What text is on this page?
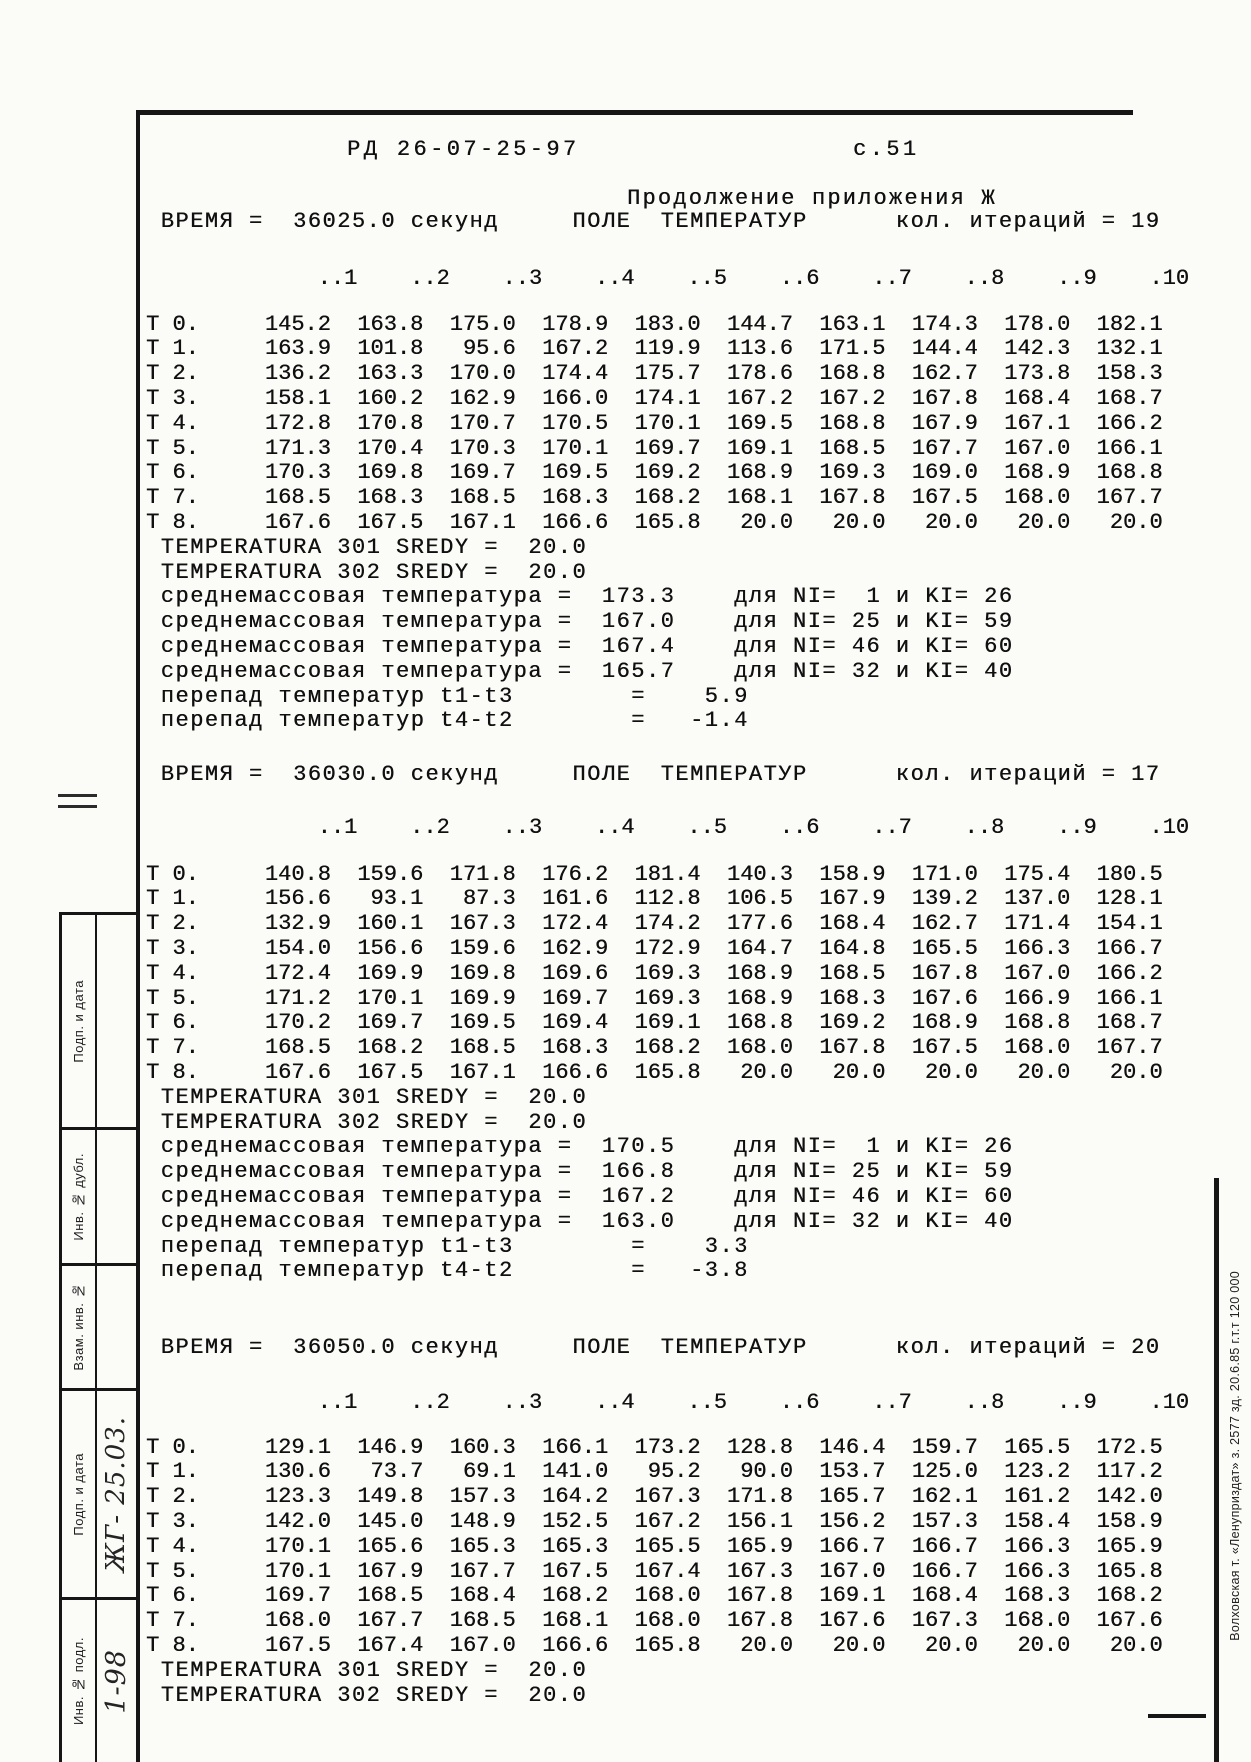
Подп. и дата
Инв. № дубл.
Взам. инв. №
Подп. и дата
Инв. № подл.
ЖГ- 25.03.
1-98
Волховская т. «Ленуприздат» з. 2577 зд. 20.6.85 г.т.т 120 000
РД 26-07-25-97	с.51
Продолжение приложения Ж
ВРЕМЯ =  36025.0 секунд     ПОЛЕ  ТЕМПЕРАТУР      кол. итераций = 19
..1    ..2    ..3    ..4    ..5    ..6    ..7    ..8    ..9    .10
T 0.     145.2  163.8  175.0  178.9  183.0  144.7  163.1  174.3  178.0  182.1
T 1.     163.9  101.8   95.6  167.2  119.9  113.6  171.5  144.4  142.3  132.1
T 2.     136.2  163.3  170.0  174.4  175.7  178.6  168.8  162.7  173.8  158.3
T 3.     158.1  160.2  162.9  166.0  174.1  167.2  167.2  167.8  168.4  168.7
T 4.     172.8  170.8  170.7  170.5  170.1  169.5  168.8  167.9  167.1  166.2
T 5.     171.3  170.4  170.3  170.1  169.7  169.1  168.5  167.7  167.0  166.1
T 6.     170.3  169.8  169.7  169.5  169.2  168.9  169.3  169.0  168.9  168.8
T 7.     168.5  168.3  168.5  168.3  168.2  168.1  167.8  167.5  168.0  167.7
T 8.     167.6  167.5  167.1  166.6  165.8   20.0   20.0   20.0   20.0   20.0
TEMPERATURA 301 SREDY =  20.0
TEMPERATURA 302 SREDY =  20.0
среднемассовая температура =  173.3    для NI=  1 и KI= 26
среднемассовая температура =  167.0    для NI= 25 и KI= 59
среднемассовая температура =  167.4    для NI= 46 и KI= 60
среднемассовая температура =  165.7    для NI= 32 и KI= 40
перепад температур t1-t3        =    5.9
перепад температур t4-t2        =   -1.4
ВРЕМЯ =  36030.0 секунд     ПОЛЕ  ТЕМПЕРАТУР      кол. итераций = 17
..1    ..2    ..3    ..4    ..5    ..6    ..7    ..8    ..9    .10
T 0.     140.8  159.6  171.8  176.2  181.4  140.3  158.9  171.0  175.4  180.5
T 1.     156.6   93.1   87.3  161.6  112.8  106.5  167.9  139.2  137.0  128.1
T 2.     132.9  160.1  167.3  172.4  174.2  177.6  168.4  162.7  171.4  154.1
T 3.     154.0  156.6  159.6  162.9  172.9  164.7  164.8  165.5  166.3  166.7
T 4.     172.4  169.9  169.8  169.6  169.3  168.9  168.5  167.8  167.0  166.2
T 5.     171.2  170.1  169.9  169.7  169.3  168.9  168.3  167.6  166.9  166.1
T 6.     170.2  169.7  169.5  169.4  169.1  168.8  169.2  168.9  168.8  168.7
T 7.     168.5  168.2  168.5  168.3  168.2  168.0  167.8  167.5  168.0  167.7
T 8.     167.6  167.5  167.1  166.6  165.8   20.0   20.0   20.0   20.0   20.0
TEMPERATURA 301 SREDY =  20.0
TEMPERATURA 302 SREDY =  20.0
среднемассовая температура =  170.5    для NI=  1 и KI= 26
среднемассовая температура =  166.8    для NI= 25 и KI= 59
среднемассовая температура =  167.2    для NI= 46 и KI= 60
среднемассовая температура =  163.0    для NI= 32 и KI= 40
перепад температур t1-t3        =    3.3
перепад температур t4-t2        =   -3.8
ВРЕМЯ =  36050.0 секунд     ПОЛЕ  ТЕМПЕРАТУР      кол. итераций = 20
..1    ..2    ..3    ..4    ..5    ..6    ..7    ..8    ..9    .10
T 0.     129.1  146.9  160.3  166.1  173.2  128.8  146.4  159.7  165.5  172.5
T 1.     130.6   73.7   69.1  141.0   95.2   90.0  153.7  125.0  123.2  117.2
T 2.     123.3  149.8  157.3  164.2  167.3  171.8  165.7  162.1  161.2  142.0
T 3.     142.0  145.0  148.9  152.5  167.2  156.1  156.2  157.3  158.4  158.9
T 4.     170.1  165.6  165.3  165.3  165.5  165.9  166.7  166.7  166.3  165.9
T 5.     170.1  167.9  167.7  167.5  167.4  167.3  167.0  166.7  166.3  165.8
T 6.     169.7  168.5  168.4  168.2  168.0  167.8  169.1  168.4  168.3  168.2
T 7.     168.0  167.7  168.5  168.1  168.0  167.8  167.6  167.3  168.0  167.6
T 8.     167.5  167.4  167.0  166.6  165.8   20.0   20.0   20.0   20.0   20.0
TEMPERATURA 301 SREDY =  20.0
TEMPERATURA 302 SREDY =  20.0
